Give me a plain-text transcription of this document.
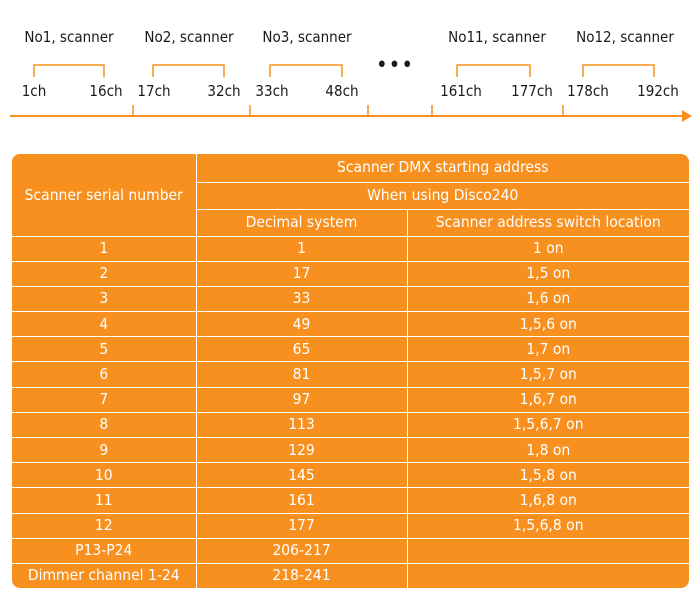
No1, scanner No2, scanner No3, scanner	No11, scanner No12, scanner
1ch	16ch 17ch 32ch 33ch 48ch	161ch 177ch 178ch 192ch
•••
Scanner serial number	Scanner DMX starting address	
	When using Disco240	
	Decimal system	Scanner address switch location
1	1	1 on
2	17	1,5 on
3	33	1,6 on
4	49	1,5,6 on
5	65	1,7 on
6	81	1,5,7 on
7	97	1,6,7 on
8	113	1,5,6,7 on
9	129	1,8 on
10	145	1,5,8 on
11	161	1,6,8 on
12	177	1,5,6,8 on
P13-P24	206-217	
Dimmer channel 1-24	218-241	
